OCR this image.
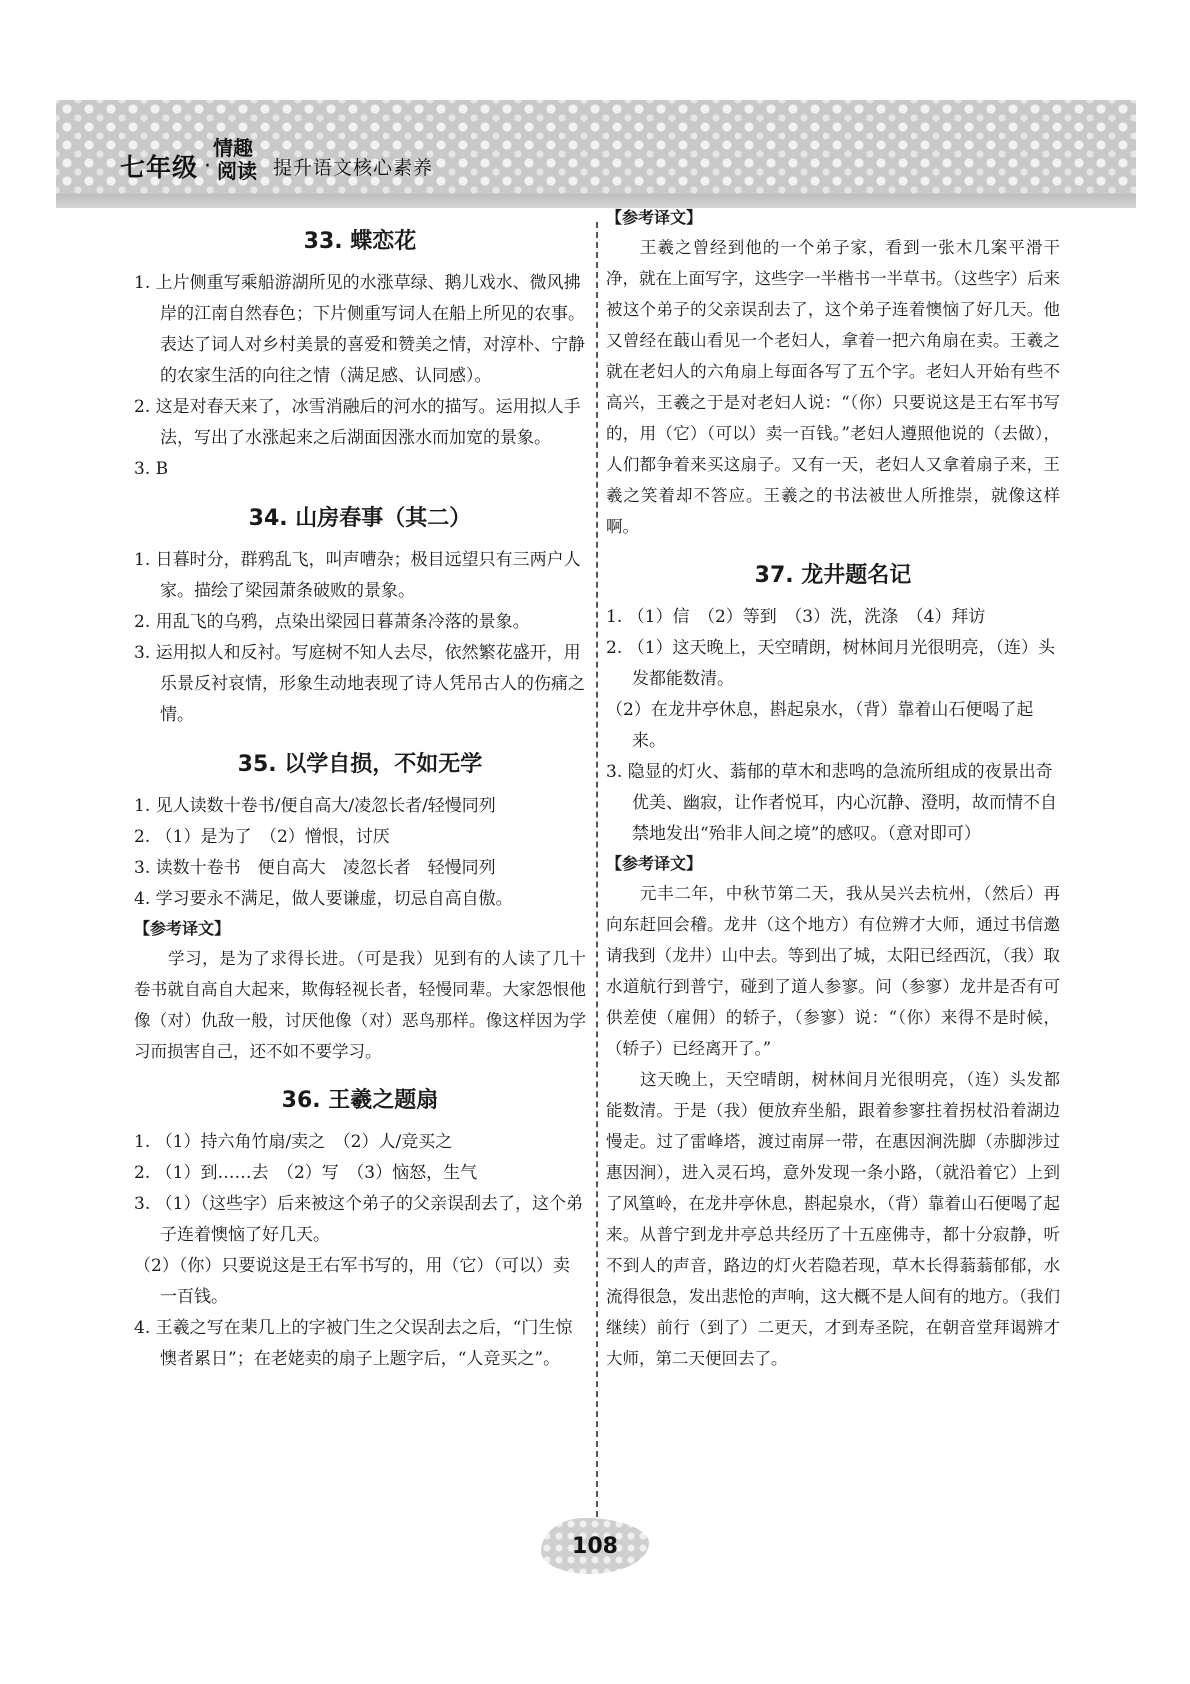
七年级 ·
情趣
阅读 提升语文核心素养
33. 蝶恋花
1. 上片侧重写乘船游湖所见的水涨草绿、鹅儿戏水、微风拂岸的江南自然春色；下片侧重写词人在船上所见的农事。表达了词人对乡村美景的喜爱和赞美之情，对淳朴、宁静的农家生活的向往之情（满足感、认同感）。
2. 这是对春天来了，冰雪消融后的河水的描写。运用拟人手法，写出了水涨起来之后湖面因涨水而加宽的景象。
3. B
34. 山房春事（其二）
1. 日暮时分，群鸦乱飞，叫声嘈杂；极目远望只有三两户人家。描绘了梁园萧条破败的景象。
2. 用乱飞的乌鸦，点染出梁园日暮萧条冷落的景象。
3. 运用拟人和反衬。写庭树不知人去尽，依然繁花盛开，用乐景反衬哀情，形象生动地表现了诗人凭吊古人的伤痛之情。
35. 以学自损，不如无学
1. 见人读数十卷书/便自高大/凌忽长者/轻慢同列
2. （1）是为了　（2）憎恨，讨厌
3. 读数十卷书　便自高大　凌忽长者　轻慢同列
4. 学习要永不满足，做人要谦虚，切忌自高自傲。
【参考译文】

学习，是为了求得长进。（可是我）见到有的人读了几十卷书就自高自大起来，欺侮轻视长者，轻慢同辈。大家怨恨他像（对）仇敌一般，讨厌他像（对）恶鸟那样。像这样因为学习而损害自己，还不如不要学习。

36. 王羲之题扇
1. （1）持六角竹扇/卖之　（2）人/竞买之
2. （1）到……去　（2）写　（3）恼怒，生气
3. （1）（这些字）后来被这个弟子的父亲误刮去了，这个弟子连着懊恼了好几天。
（2）（你）只要说这是王右军书写的，用（它）（可以）卖一百钱。
4. 王羲之写在棐几上的字被门生之父误刮去之后，“门生惊懊者累日”；在老姥卖的扇子上题字后，“人竞买之”。
【参考译文】

王羲之曾经到他的一个弟子家，看到一张木几案平滑干净，就在上面写字，这些字一半楷书一半草书。（这些字）后来被这个弟子的父亲误刮去了，这个弟子连着懊恼了好几天。他又曾经在蕺山看见一个老妇人，拿着一把六角扇在卖。王羲之就在老妇人的六角扇上每面各写了五个字。老妇人开始有些不高兴，王羲之于是对老妇人说：“（你）只要说这是王右军书写的，用（它）（可以）卖一百钱。”老妇人遵照他说的（去做），人们都争着来买这扇子。又有一天，老妇人又拿着扇子来，王羲之笑着却不答应。王羲之的书法被世人所推崇，就像这样啊。

37. 龙井题名记
1. （1）信　（2）等到　（3）洗，洗涤　（4）拜访
2. （1）这天晚上，天空晴朗，树林间月光很明亮，（连）头发都能数清。
（2）在龙井亭休息，斟起泉水，（背）靠着山石便喝了起来。
3. 隐显的灯火、蓊郁的草木和悲鸣的急流所组成的夜景出奇优美、幽寂，让作者悦耳，内心沉静、澄明，故而情不自禁地发出“殆非人间之境”的感叹。（意对即可）
【参考译文】

元丰二年，中秋节第二天，我从吴兴去杭州，（然后）再向东赶回会稽。龙井（这个地方）有位辨才大师，通过书信邀请我到（龙井）山中去。等到出了城，太阳已经西沉，（我）取水道航行到普宁，碰到了道人参寥。问（参寥）龙井是否有可供差使（雇佣）的轿子，（参寥）说：“（你）来得不是时候，（轿子）已经离开了。”

这天晚上，天空晴朗，树林间月光很明亮，（连）头发都能数清。于是（我）便放弃坐船，跟着参寥拄着拐杖沿着湖边慢走。过了雷峰塔，渡过南屏一带，在惠因涧洗脚（赤脚涉过惠因涧），进入灵石坞，意外发现一条小路，（就沿着它）上到了风篁岭，在龙井亭休息，斟起泉水，（背）靠着山石便喝了起来。从普宁到龙井亭总共经历了十五座佛寺，都十分寂静，听不到人的声音，路边的灯火若隐若现，草木长得蓊蓊郁郁，水流得很急，发出悲怆的声响，这大概不是人间有的地方。（我们继续）前行（到了）二更天，才到寿圣院，在朝音堂拜谒辨才大师，第二天便回去了。

108
